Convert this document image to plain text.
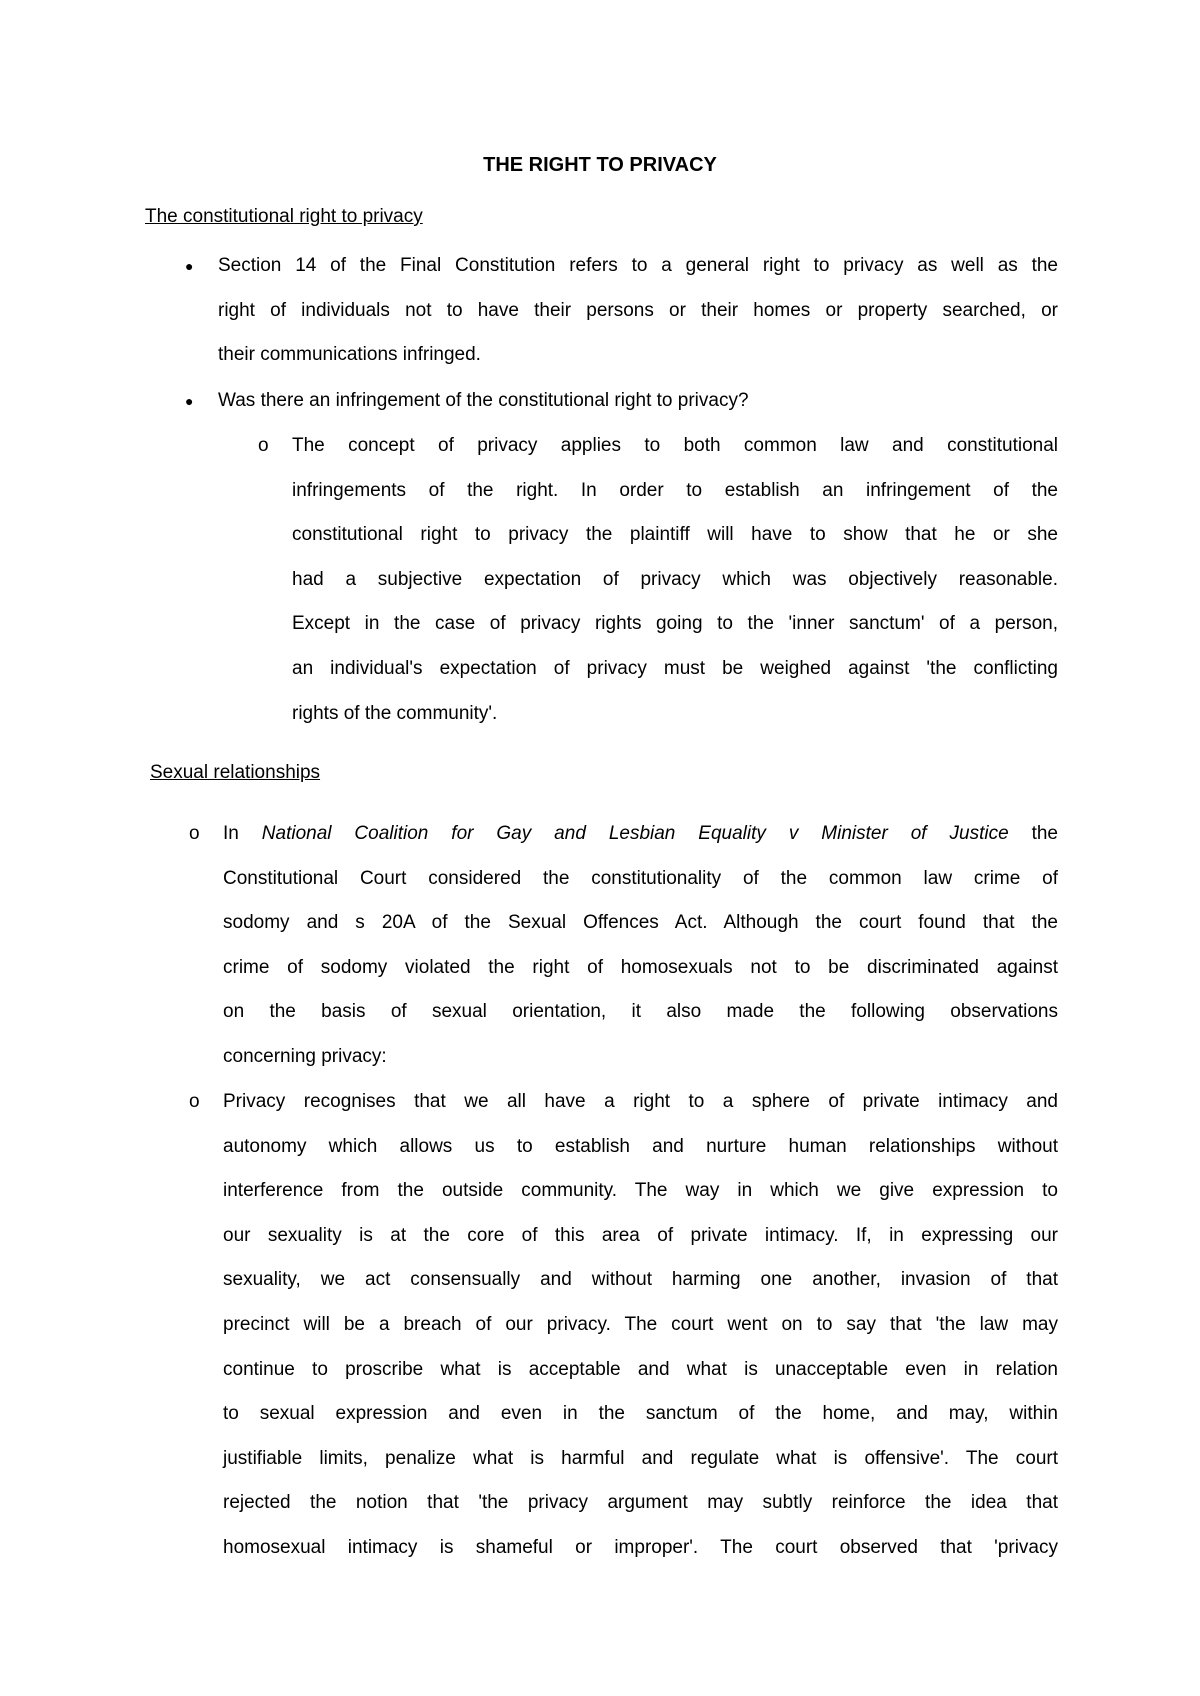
THE RIGHT TO PRIVACY
The constitutional right to privacy
● Section 14 of the Final Constitution refers to a general right to privacy as well as the
right of individuals not to have their persons or their homes or property searched, or
their communications infringed.
● Was there an infringement of the constitutional right to privacy?
o The concept of privacy applies to both common law and constitutional
infringements of the right. In order to establish an infringement of the
constitutional right to privacy the plaintiff will have to show that he or she
had a subjective expectation of privacy which was objectively reasonable.
Except in the case of privacy rights going to the 'inner sanctum' of a person,
an individual's expectation of privacy must be weighed against 'the conflicting
rights of the community'.
Sexual relationships
o In National Coalition for Gay and Lesbian Equality v Minister of Justice the
Constitutional Court considered the constitutionality of the common law crime of
sodomy and s 20A of the Sexual Offences Act. Although the court found that the
crime of sodomy violated the right of homosexuals not to be discriminated against
on the basis of sexual orientation, it also made the following observations
concerning privacy:
o Privacy recognises that we all have a right to a sphere of private intimacy and
autonomy which allows us to establish and nurture human relationships without
interference from the outside community. The way in which we give expression to
our sexuality is at the core of this area of private intimacy. If, in expressing our
sexuality, we act consensually and without harming one another, invasion of that
precinct will be a breach of our privacy. The court went on to say that 'the law may
continue to proscribe what is acceptable and what is unacceptable even in relation
to sexual expression and even in the sanctum of the home, and may, within
justifiable limits, penalize what is harmful and regulate what is offensive'. The court
rejected the notion that 'the privacy argument may subtly reinforce the idea that
homosexual intimacy is shameful or improper'. The court observed that 'privacy
